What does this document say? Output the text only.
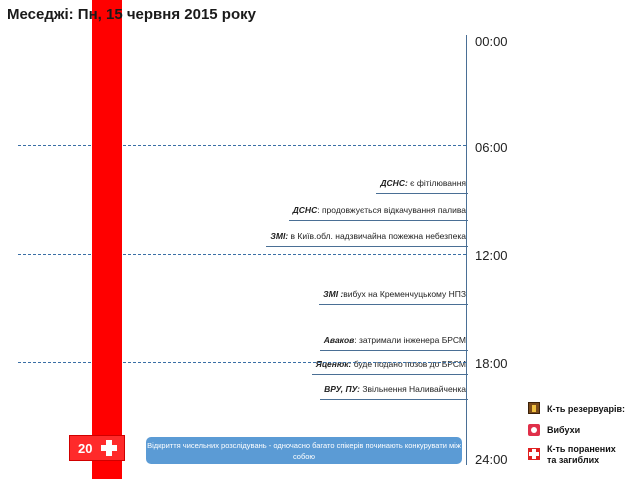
Меседжі: Пн, 15 червня 2015 року
00:00
06:00
12:00
18:00
24:00
ДСНС: є фітілювання
ДСНС: продовжується відкачування палива
ЗМІ: в Київ.обл. надзвичайна пожежна небезпека
ЗМІ :вибух на Кременчуцькому НПЗ
Аваков: затримали інженера БРСМ
Яценюк: буде подано позов до БРСМ
ВРУ, ПУ: Звільнення Наливайченка
20	Відкриття чисельних розслідувань - одночасно багато спікерів починають конкурувати між собою
К-ть резервуарів:
Вибухи
К-ть поранених та загиблих
